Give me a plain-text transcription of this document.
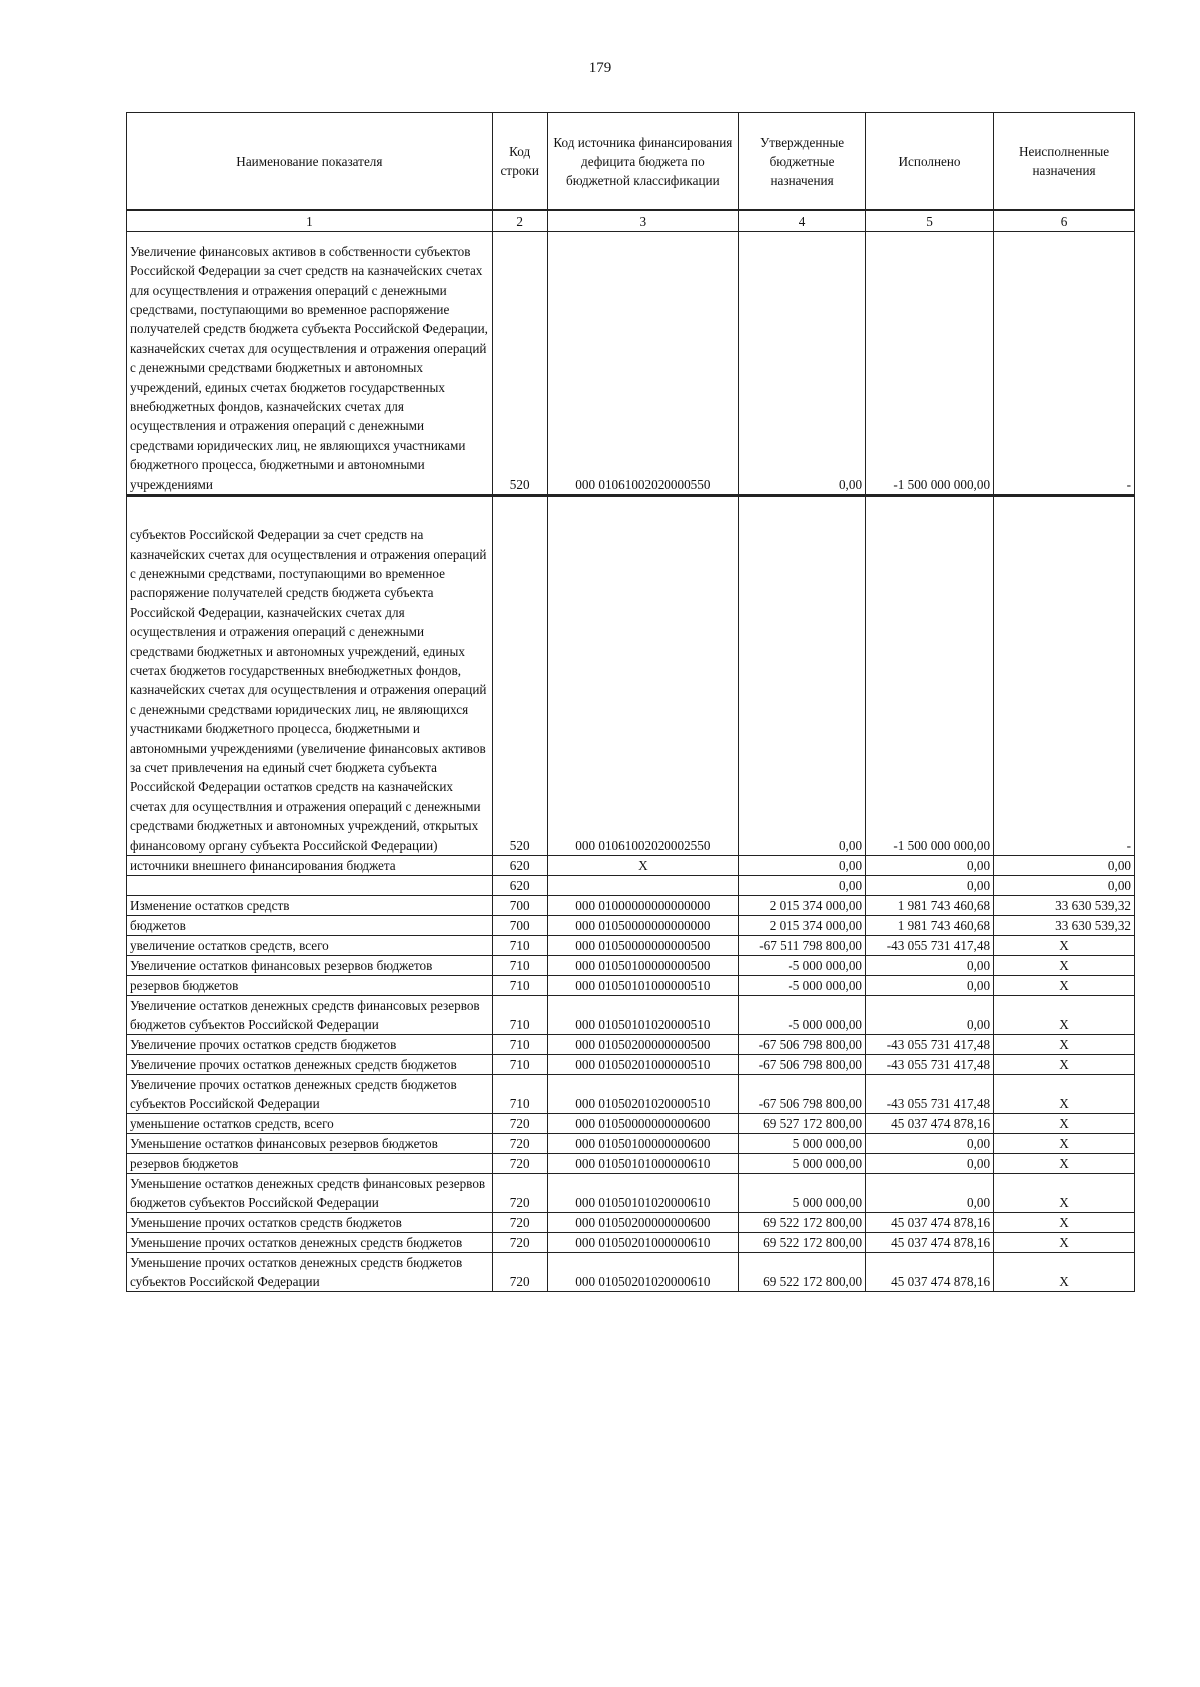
179
Наименование показателя	Код строки	Код источника финансирования дефицита бюджета по бюджетной классификации	Утвержденные бюджетные назначения	Исполнено	Неисполненные назначения
1	2	3	4	5	6
Увеличение финансовых активов в собственности субъектов Российской Федерации за счет средств на казначейских счетах для осуществления и отражения операций с денежными средствами, поступающими во временное распоряжение получателей средств бюджета субъекта Российской Федерации, казначейских счетах для осуществления и отражения операций с денежными средствами бюджетных и автономных учреждений, единых счетах бюджетов государственных внебюджетных фондов, казначейских счетах для осуществления и отражения операций с денежными средствами юридических лиц, не являющихся участниками бюджетного процесса, бюджетными и автономными учреждениями	520	000 01061002020000550	0,00	-1 500 000 000,00	-
субъектов Российской Федерации за счет средств на казначейских счетах для осуществления и отражения операций с денежными средствами, поступающими во временное распоряжение получателей средств бюджета субъекта Российской Федерации, казначейских счетах для осуществления и отражения операций с денежными средствами бюджетных и автономных учреждений, единых счетах бюджетов государственных внебюджетных фондов, казначейских счетах для осуществления и отражения операций с денежными средствами юридических лиц, не являющихся участниками бюджетного процесса, бюджетными и автономными учреждениями (увеличение финансовых активов за счет привлечения на единый счет бюджета субъекта Российской Федерации остатков средств на казначейских счетах для осуществлния и отражения операций с денежными средствами бюджетных и автономных учреждений, открытых финансовому органу субъекта Российской Федерации)	520	000 01061002020002550	0,00	-1 500 000 000,00	-
источники внешнего финансирования бюджета	620	X	0,00	0,00	0,00
	620		0,00	0,00	0,00
Изменение остатков средств	700	000 01000000000000000	2 015 374 000,00	1 981 743 460,68	33 630 539,32
бюджетов	700	000 01050000000000000	2 015 374 000,00	1 981 743 460,68	33 630 539,32
увеличение остатков средств, всего	710	000 01050000000000500	-67 511 798 800,00	-43 055 731 417,48	X
Увеличение остатков финансовых резервов бюджетов	710	000 01050100000000500	-5 000 000,00	0,00	X
резервов бюджетов	710	000 01050101000000510	-5 000 000,00	0,00	X
Увеличение остатков денежных средств финансовых резервов бюджетов субъектов Российской Федерации	710	000 01050101020000510	-5 000 000,00	0,00	X
Увеличение прочих остатков средств бюджетов	710	000 01050200000000500	-67 506 798 800,00	-43 055 731 417,48	X
Увеличение прочих остатков денежных средств бюджетов	710	000 01050201000000510	-67 506 798 800,00	-43 055 731 417,48	X
Увеличение прочих остатков денежных средств бюджетов субъектов Российской Федерации	710	000 01050201020000510	-67 506 798 800,00	-43 055 731 417,48	X
уменьшение остатков средств, всего	720	000 01050000000000600	69 527 172 800,00	45 037 474 878,16	X
Уменьшение остатков финансовых резервов бюджетов	720	000 01050100000000600	5 000 000,00	0,00	X
резервов бюджетов	720	000 01050101000000610	5 000 000,00	0,00	X
Уменьшение остатков денежных средств финансовых резервов бюджетов субъектов Российской Федерации	720	000 01050101020000610	5 000 000,00	0,00	X
Уменьшение прочих остатков средств бюджетов	720	000 01050200000000600	69 522 172 800,00	45 037 474 878,16	X
Уменьшение прочих остатков денежных средств бюджетов	720	000 01050201000000610	69 522 172 800,00	45 037 474 878,16	X
Уменьшение прочих остатков денежных средств бюджетов субъектов Российской Федерации	720	000 01050201020000610	69 522 172 800,00	45 037 474 878,16	X
